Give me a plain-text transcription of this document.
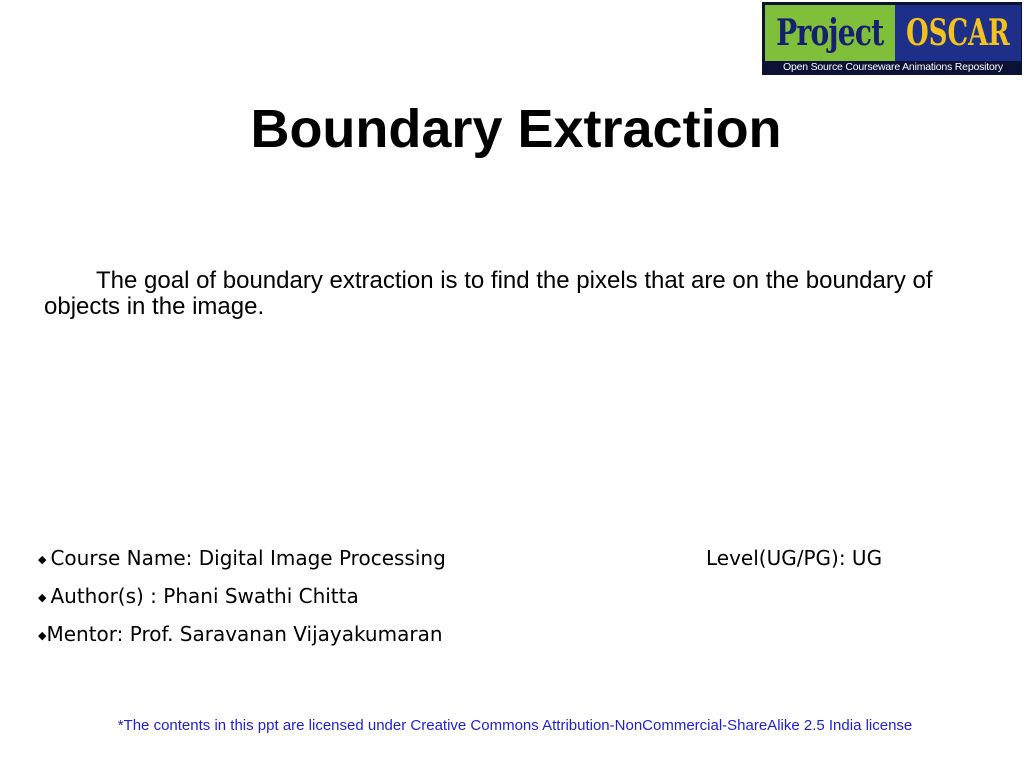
Project OSCAR
Open Source Courseware Animations Repository
Boundary Extraction
The goal of boundary extraction is to find the pixels that are on the boundary of objects in the image.
◆ Course Name: Digital Image Processing	Level(UG/PG): UG
◆ Author(s) : Phani Swathi Chitta
◆Mentor: Prof. Saravanan Vijayakumaran
*The contents in this ppt are licensed under Creative Commons Attribution-NonCommercial-ShareAlike 2.5 India license
